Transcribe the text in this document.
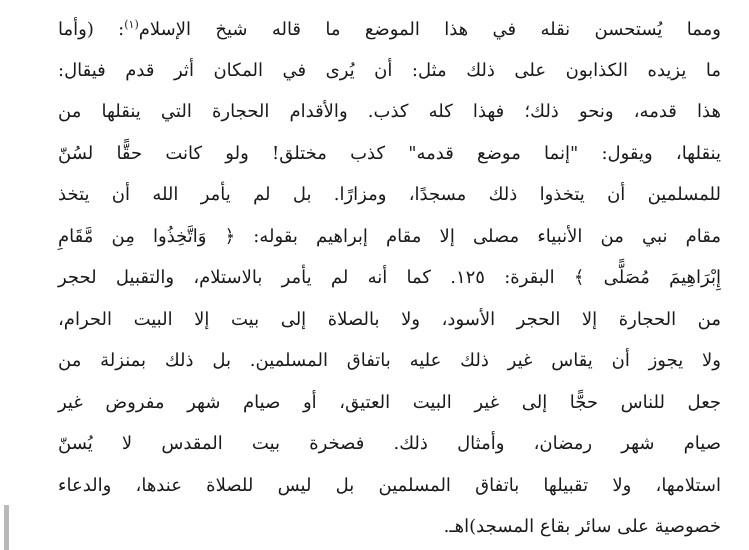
ومما يُستحسن نقله في هذا الموضع ما قاله شيخ الإسلام$^{(١)}$: (وأما
ما يزيده الكذابون على ذلك مثل: أن يُرى في المكان أثر قدم فيقال:
هذا قدمه، ونحو ذلك؛ فهذا كله كذب. والأقدام الحجارة التي ينقلها من
ينقلها، ويقول: "إنما موضع قدمه" كذب مختلق! ولو كانت حقًّا لسُنّ
للمسلمين أن يتخذوا ذلك مسجدًا، ومزارًا. بل لم يأمر الله أن يتخذ
مقام نبي من الأنبياء مصلى إلا مقام إبراهيم بقوله: ﴿ وَاتَّخِذُوا مِن مَّقَامِ
إِبْرَاهِيمَ مُصَلًّى ﴾ البقرة: ١٢٥. كما أنه لم يأمر بالاستلام، والتقبيل لحجر
من الحجارة إلا الحجر الأسود، ولا بالصلاة إلى بيت إلا البيت الحرام،
ولا يجوز أن يقاس غير ذلك عليه باتفاق المسلمين. بل ذلك بمنزلة من
جعل للناس حجًّا إلى غير البيت العتيق، أو صيام شهر مفروض غير
صيام شهر رمضان، وأمثال ذلك. فصخرة بيت المقدس لا يُسنّ
استلامها، ولا تقبيلها باتفاق المسلمين بل ليس للصلاة عندها، والدعاء
خصوصية على سائر بقاع المسجد)اهـ.
